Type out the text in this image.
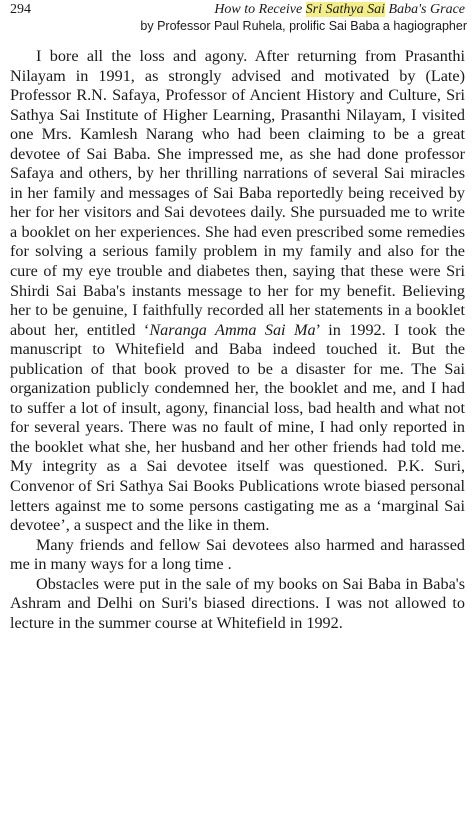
294	How to Receive Sri Sathya Sai Baba's Grace
by Professor Paul Ruhela, prolific Sai Baba a hagiographer

I bore all the loss and agony. After returning from Prasanthi Nilayam in 1991, as strongly advised and motivated by (Late) Professor R.N. Safaya, Professor of Ancient History and Culture, Sri Sathya Sai Institute of Higher Learning, Prasanthi Nilayam, I visited one Mrs. Kamlesh Narang who had been claiming to be a great devotee of Sai Baba. She impressed me, as she had done professor Safaya and others, by her thrilling narrations of several Sai miracles in her family and messages of Sai Baba reportedly being received by her for her visitors and Sai devotees daily. She pursuaded me to write a booklet on her experiences. She had even prescribed some remedies for solving a serious family problem in my family and also for the cure of my eye trouble and diabetes then, saying that these were Sri Shirdi Sai Baba's instants message to her for my benefit. Believing her to be genuine, I faithfully recorded all her statements in a booklet about her, entitled ‘Naranga Amma Sai Ma’ in 1992. I took the manuscript to Whitefield and Baba indeed touched it. But the publication of that book proved to be a disaster for me. The Sai organization publicly condemned her, the booklet and me, and I had to suffer a lot of insult, agony, financial loss, bad health and what not for several years. There was no fault of mine, I had only reported in the booklet what she, her husband and her other friends had told me. My integrity as a Sai devotee itself was questioned. P.K. Suri, Convenor of Sri Sathya Sai Books Publications wrote biased personal letters against me to some persons castigating me as a ‘marginal Sai devotee’, a suspect and the like in them.

Many friends and fellow Sai devotees also harmed and harassed me in many ways for a long time .

Obstacles were put in the sale of my books on Sai Baba in Baba's Ashram and Delhi on Suri's biased directions. I was not allowed to lecture in the summer course at Whitefield in 1992.
